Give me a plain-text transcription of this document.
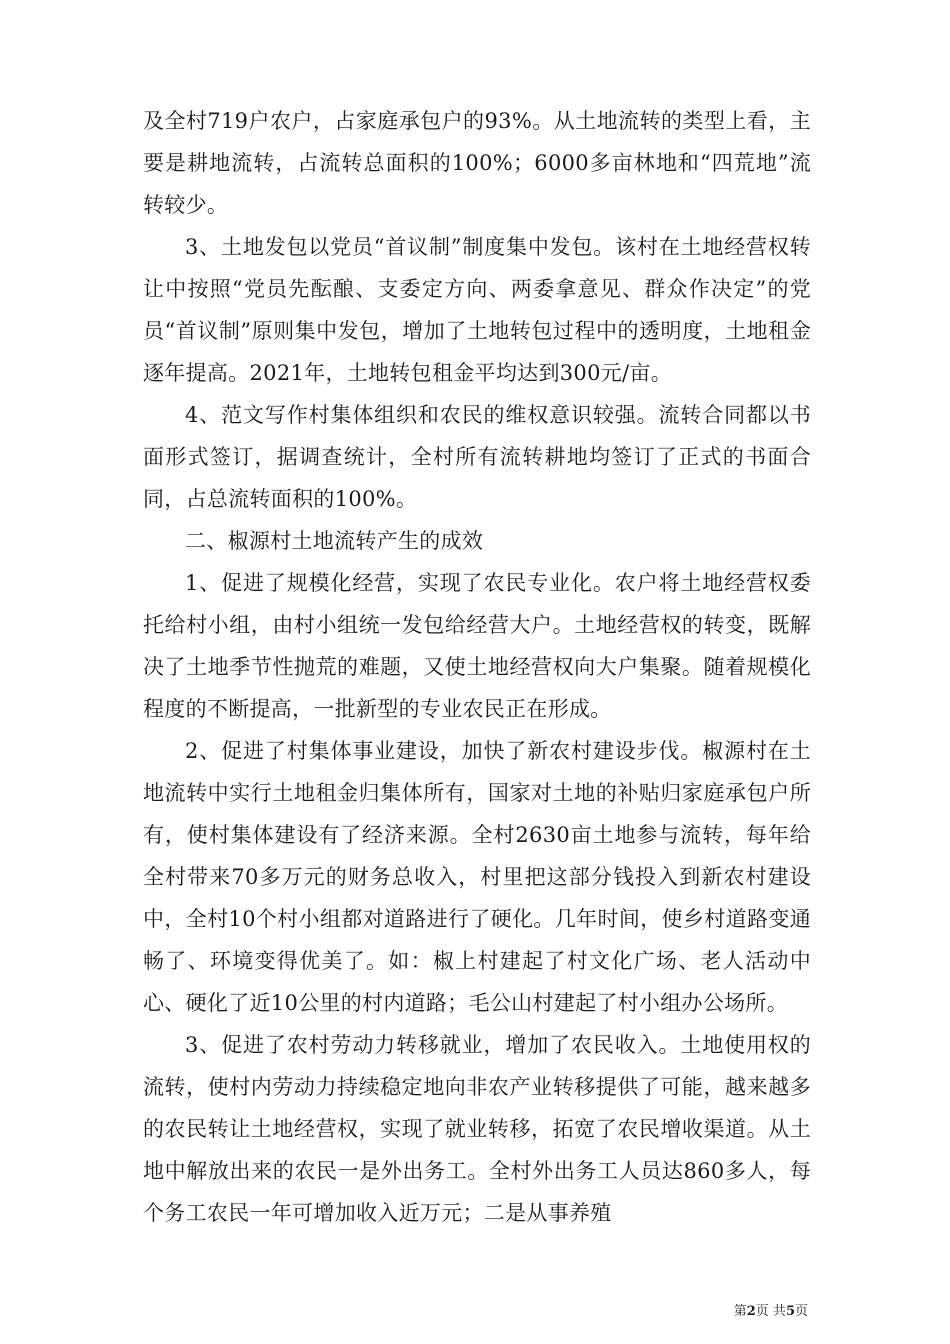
及全村719户农户，占家庭承包户的93%。从土地流转的类型上看，主要是耕地流转，占流转总面积的100%；6000多亩林地和“四荒地”流转较少。

3、土地发包以党员“首议制”制度集中发包。该村在土地经营权转让中按照“党员先酝酿、支委定方向、两委拿意见、群众作决定”的党员“首议制”原则集中发包，增加了土地转包过程中的透明度，土地租金逐年提高。2021年，土地转包租金平均达到300元/亩。

4、范文写作村集体组织和农民的维权意识较强。流转合同都以书面形式签订，据调查统计，全村所有流转耕地均签订了正式的书面合同，占总流转面积的100%。

二、椒源村土地流转产生的成效

1、促进了规模化经营，实现了农民专业化。农户将土地经营权委托给村小组，由村小组统一发包给经营大户。土地经营权的转变，既解决了土地季节性抛荒的难题，又使土地经营权向大户集聚。随着规模化程度的不断提高，一批新型的专业农民正在形成。

2、促进了村集体事业建设，加快了新农村建设步伐。椒源村在土地流转中实行土地租金归集体所有，国家对土地的补贴归家庭承包户所有，使村集体建设有了经济来源。全村2630亩土地参与流转，每年给全村带来70多万元的财务总收入，村里把这部分钱投入到新农村建设中，全村10个村小组都对道路进行了硬化。几年时间，使乡村道路变通畅了、环境变得优美了。如：椒上村建起了村文化广场、老人活动中心、硬化了近10公里的村内道路；毛公山村建起了村小组办公场所。

3、促进了农村劳动力转移就业，增加了农民收入。土地使用权的流转，使村内劳动力持续稳定地向非农产业转移提供了可能，越来越多的农民转让土地经营权，实现了就业转移，拓宽了农民增收渠道。从土地中解放出来的农民一是外出务工。全村外出务工人员达860多人，每个务工农民一年可增加收入近万元；二是从事养殖

第2页 共5页
